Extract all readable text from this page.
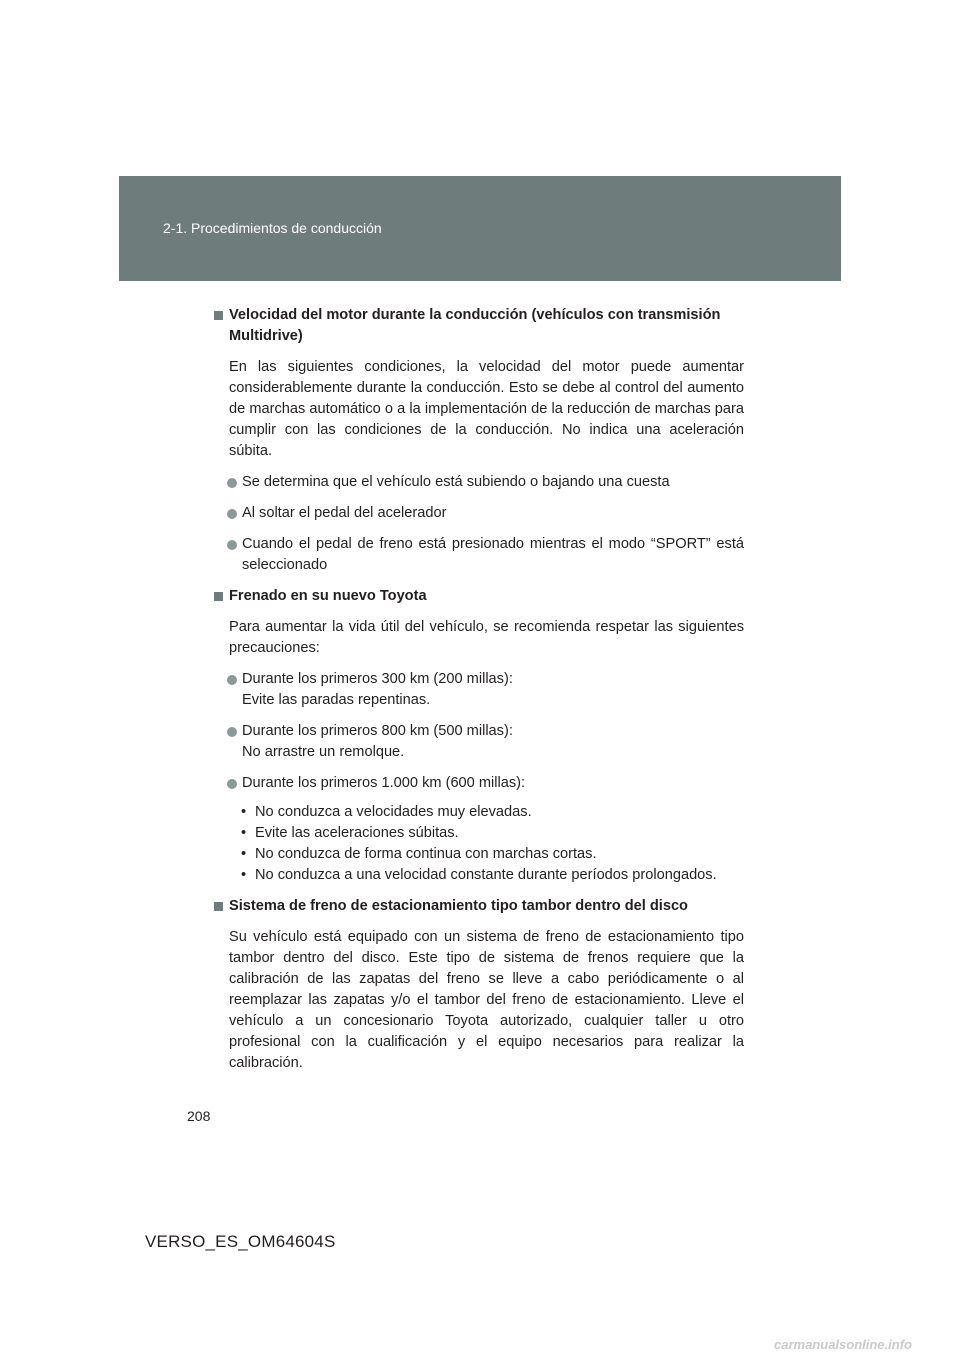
2-1. Procedimientos de conducción
Velocidad del motor durante la conducción (vehículos con transmisión Multidrive)
En las siguientes condiciones, la velocidad del motor puede aumentar considerablemente durante la conducción. Esto se debe al control del aumento de marchas automático o a la implementación de la reducción de marchas para cumplir con las condiciones de la conducción. No indica una aceleración súbita.
Se determina que el vehículo está subiendo o bajando una cuesta
Al soltar el pedal del acelerador
Cuando el pedal de freno está presionado mientras el modo “SPORT” está seleccionado
Frenado en su nuevo Toyota
Para aumentar la vida útil del vehículo, se recomienda respetar las siguientes precauciones:
Durante los primeros 300 km (200 millas):
Evite las paradas repentinas.
Durante los primeros 800 km (500 millas):
No arrastre un remolque.
Durante los primeros 1.000 km (600 millas):
• No conduzca a velocidades muy elevadas.
• Evite las aceleraciones súbitas.
• No conduzca de forma continua con marchas cortas.
• No conduzca a una velocidad constante durante períodos prolongados.
Sistema de freno de estacionamiento tipo tambor dentro del disco
Su vehículo está equipado con un sistema de freno de estacionamiento tipo tambor dentro del disco. Este tipo de sistema de frenos requiere que la calibración de las zapatas del freno se lleve a cabo periódicamente o al reemplazar las zapatas y/o el tambor del freno de estacionamiento. Lleve el vehículo a un concesionario Toyota autorizado, cualquier taller u otro profesional con la cualificación y el equipo necesarios para realizar la calibración.
208
VERSO_ES_OM64604S
carmanualsonline.info
